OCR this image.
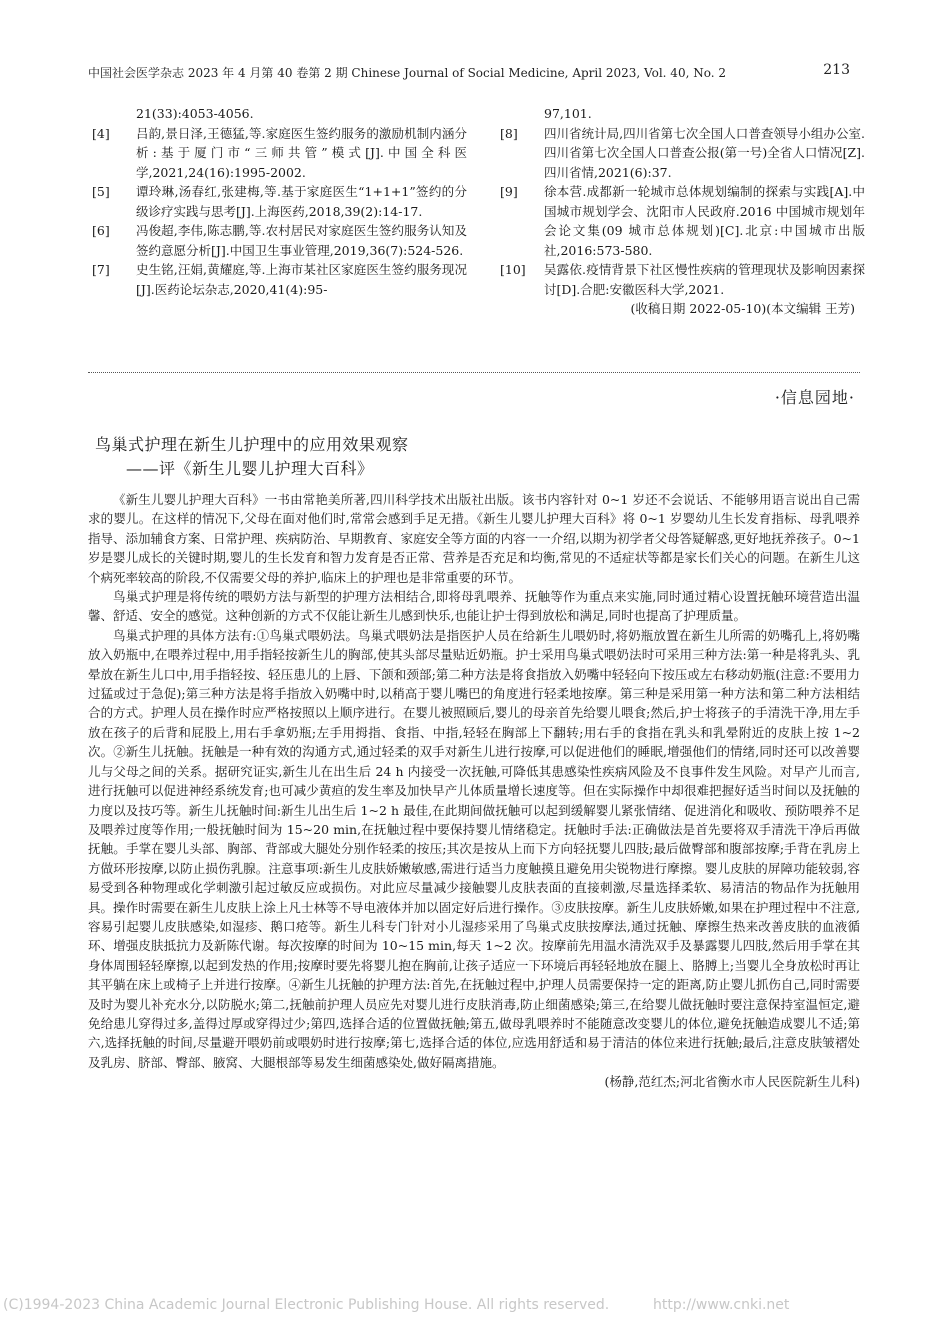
中国社会医学杂志 2023 年 4 月第 40 卷第 2 期 Chinese Journal of Social Medicine, April 2023, Vol. 40, No. 2	213
21(33):4053-4056.
[4]	吕韵,景日泽,王德猛,等.家庭医生签约服务的激励机制内涵分析:基于厦门市“三师共管”模式[J].中国全科医学,2021,24(16):1995-2002.
[5]	谭玲琳,汤春红,张建梅,等.基于家庭医生“1+1+1”签约的分级诊疗实践与思考[J].上海医药,2018,39(2):14-17.
[6]	冯俊超,李伟,陈志鹏,等.农村居民对家庭医生签约服务认知及签约意愿分析[J].中国卫生事业管理,2019,36(7):524-526.
[7]	史生铭,汪娟,黄耀庭,等.上海市某社区家庭医生签约服务现况[J].医药论坛杂志,2020,41(4):95-
97,101.
[8]	四川省统计局,四川省第七次全国人口普查领导小组办公室.四川省第七次全国人口普查公报(第一号)全省人口情况[Z].四川省情,2021(6):37.
[9]	徐本营.成都新一轮城市总体规划编制的探索与实践[A].中国城市规划学会、沈阳市人民政府.2016 中国城市规划年会论文集(09 城市总体规划)[C].北京:中国城市出版社,2016:573-580.
[10]	吴露依.疫情背景下社区慢性疾病的管理现状及影响因素探讨[D].合肥:安徽医科大学,2021.
(收稿日期 2022-05-10)(本文编辑 王芳)
·信息园地·
鸟巢式护理在新生儿护理中的应用效果观察
——评《新生儿婴儿护理大百科》

《新生儿婴儿护理大百科》一书由常艳美所著,四川科学技术出版社出版。该书内容针对 0~1 岁还不会说话、不能够用语言说出自己需求的婴儿。在这样的情况下,父母在面对他们时,常常会感到手足无措。《新生儿婴儿护理大百科》将 0~1 岁婴幼儿生长发育指标、母乳喂养指导、添加辅食方案、日常护理、疾病防治、早期教育、家庭安全等方面的内容一一介绍,以期为初学者父母答疑解惑,更好地抚养孩子。0~1 岁是婴儿成长的关键时期,婴儿的生长发育和智力发育是否正常、营养是否充足和均衡,常见的不适症状等都是家长们关心的问题。在新生儿这个病死率较高的阶段,不仅需要父母的养护,临床上的护理也是非常重要的环节。

鸟巢式护理是将传统的喂奶方法与新型的护理方法相结合,即将母乳喂养、抚触等作为重点来实施,同时通过精心设置抚触环境营造出温馨、舒适、安全的感觉。这种创新的方式不仅能让新生儿感到快乐,也能让护士得到放松和满足,同时也提高了护理质量。

鸟巢式护理的具体方法有:①鸟巢式喂奶法。鸟巢式喂奶法是指医护人员在给新生儿喂奶时,将奶瓶放置在新生儿所需的奶嘴孔上,将奶嘴放入奶瓶中,在喂养过程中,用手指轻按新生儿的胸部,使其头部尽量贴近奶瓶。护士采用鸟巢式喂奶法时可采用三种方法:第一种是将乳头、乳晕放在新生儿口中,用手指轻按、轻压患儿的上唇、下颌和颈部;第二种方法是将食指放入奶嘴中轻轻向下按压或左右移动奶瓶(注意:不要用力过猛或过于急促);第三种方法是将手指放入奶嘴中时,以稍高于婴儿嘴巴的角度进行轻柔地按摩。第三种是采用第一种方法和第二种方法相结合的方式。护理人员在操作时应严格按照以上顺序进行。在婴儿被照顾后,婴儿的母亲首先给婴儿喂食;然后,护士将孩子的手清洗干净,用左手放在孩子的后背和屁股上,用右手拿奶瓶;左手用拇指、食指、中指,轻轻在胸部上下翻转;用右手的食指在乳头和乳晕附近的皮肤上按 1~2 次。②新生儿抚触。抚触是一种有效的沟通方式,通过轻柔的双手对新生儿进行按摩,可以促进他们的睡眠,增强他们的情绪,同时还可以改善婴儿与父母之间的关系。据研究证实,新生儿在出生后 24 h 内接受一次抚触,可降低其患感染性疾病风险及不良事件发生风险。对早产儿而言,进行抚触可以促进神经系统发育;也可减少黄疸的发生率及加快早产儿体质量增长速度等。但在实际操作中却很难把握好适当时间以及抚触的力度以及技巧等。新生儿抚触时间:新生儿出生后 1~2 h 最佳,在此期间做抚触可以起到缓解婴儿紧张情绪、促进消化和吸收、预防喂养不足及喂养过度等作用;一般抚触时间为 15~20 min,在抚触过程中要保持婴儿情绪稳定。抚触时手法:正确做法是首先要将双手清洗干净后再做抚触。手掌在婴儿头部、胸部、背部或大腿处分别作轻柔的按压;其次是按从上而下方向轻抚婴儿四肢;最后做臀部和腹部按摩;手背在乳房上方做环形按摩,以防止损伤乳腺。注意事项:新生儿皮肤娇嫩敏感,需进行适当力度触摸且避免用尖锐物进行摩擦。婴儿皮肤的屏障功能较弱,容易受到各种物理或化学刺激引起过敏反应或损伤。对此应尽量减少接触婴儿皮肤表面的直接刺激,尽量选择柔软、易清洁的物品作为抚触用具。操作时需要在新生儿皮肤上涂上凡士林等不导电液体并加以固定好后进行操作。③皮肤按摩。新生儿皮肤娇嫩,如果在护理过程中不注意,容易引起婴儿皮肤感染,如湿疹、鹅口疮等。新生儿科专门针对小儿湿疹采用了鸟巢式皮肤按摩法,通过抚触、摩擦生热来改善皮肤的血液循环、增强皮肤抵抗力及新陈代谢。每次按摩的时间为 10~15 min,每天 1~2 次。按摩前先用温水清洗双手及暴露婴儿四肢,然后用手掌在其身体周围轻轻摩擦,以起到发热的作用;按摩时要先将婴儿抱在胸前,让孩子适应一下环境后再轻轻地放在腿上、胳膊上;当婴儿全身放松时再让其平躺在床上或椅子上并进行按摩。④新生儿抚触的护理方法:首先,在抚触过程中,护理人员需要保持一定的距离,防止婴儿抓伤自己,同时需要及时为婴儿补充水分,以防脱水;第二,抚触前护理人员应先对婴儿进行皮肤消毒,防止细菌感染;第三,在给婴儿做抚触时要注意保持室温恒定,避免给患儿穿得过多,盖得过厚或穿得过少;第四,选择合适的位置做抚触;第五,做母乳喂养时不能随意改变婴儿的体位,避免抚触造成婴儿不适;第六,选择抚触的时间,尽量避开喂奶前或喂奶时进行按摩;第七,选择合适的体位,应选用舒适和易于清洁的体位来进行抚触;最后,注意皮肤皱褶处及乳房、脐部、臀部、腋窝、大腿根部等易发生细菌感染处,做好隔离措施。

(杨静,范红杰;河北省衡水市人民医院新生儿科)
(C)1994-2023 China Academic Journal Electronic Publishing House. All rights reserved.	http://www.cnki.net
